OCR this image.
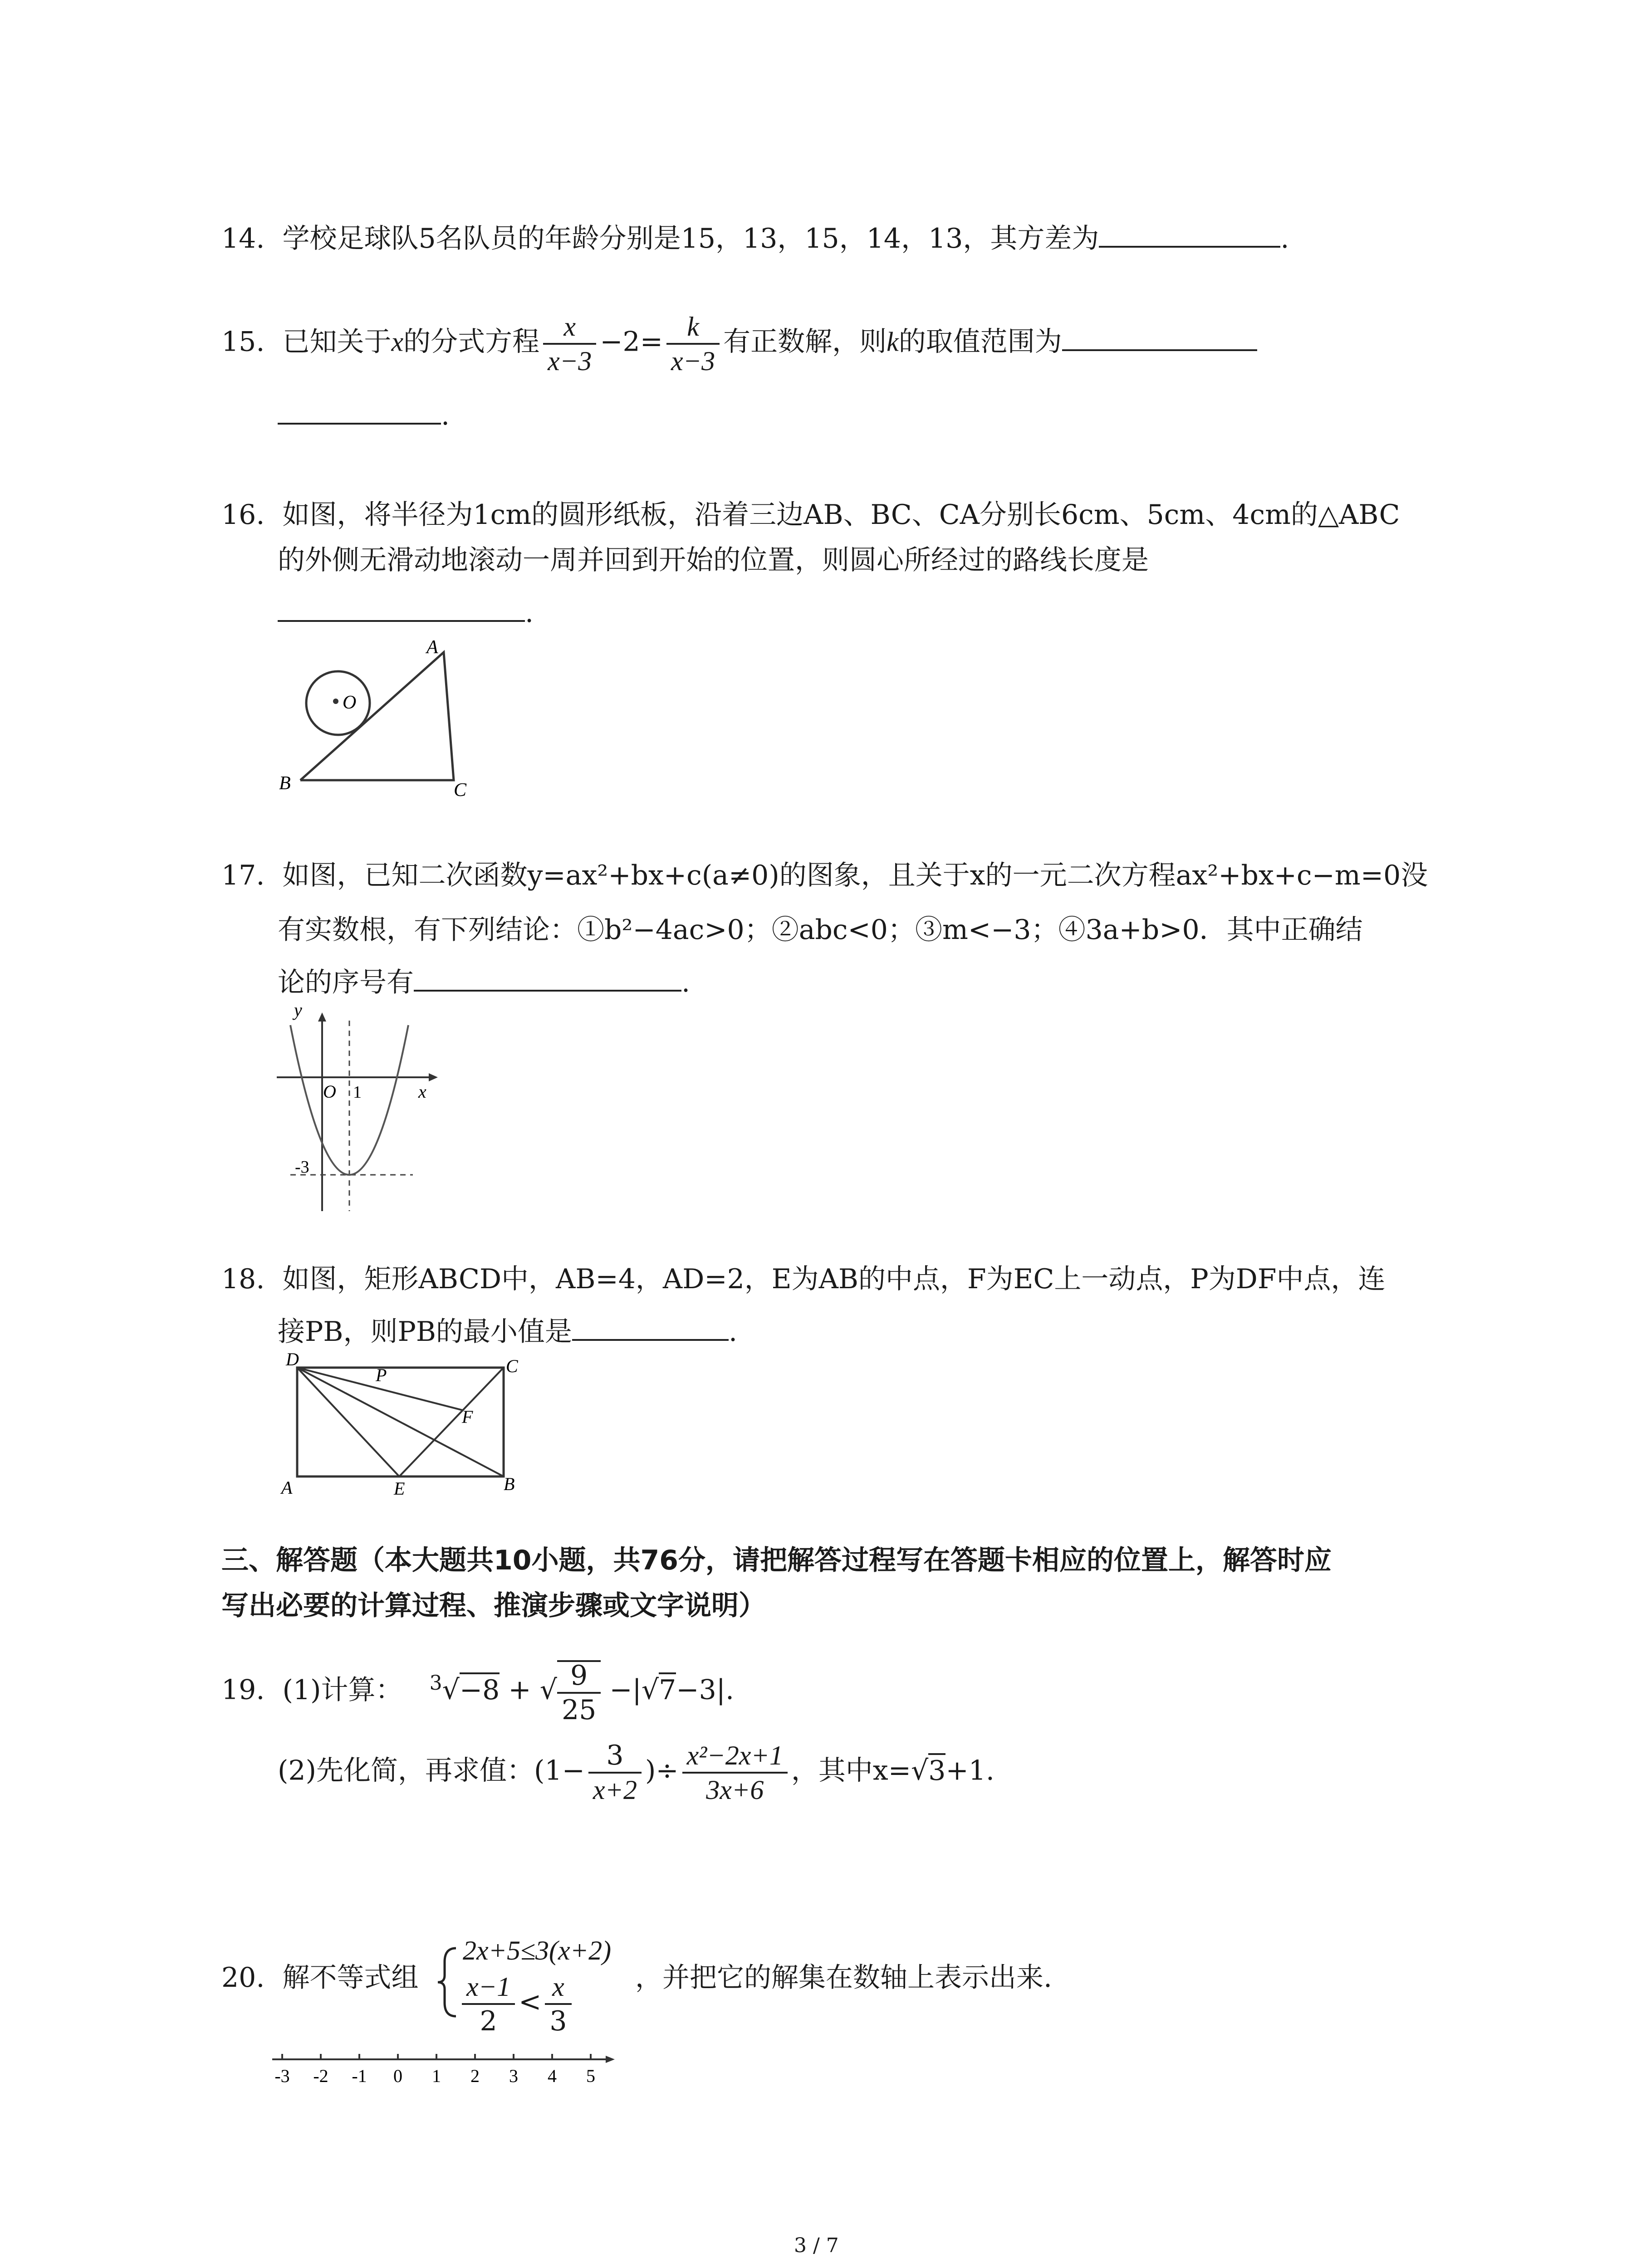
14. 学校足球队5名队员的年龄分别是15，13，15，14，13，其方差为	.
15. 已知关于x的分式方程 $\frac{x}{x-3} -2= \frac{k}{x-3}$ 有正数解，则k的取值范围为
.
16. 如图，将半径为1cm的圆形纸板，沿着三边AB、BC、CA分别长6cm、5cm、4cm的△ABC
的外侧无滑动地滚动一周并回到开始的位置，则圆心所经过的路线长度是
.
O
A
B	C
17. 如图，已知二次函数y=ax²+bx+c(a≠0)的图象，且关于x的一元二次方程ax²+bx+c−m=0没
有实数根，有下列结论：①b²−4ac>0；②abc<0；③m<−3；④3a+b>0．其中正确结
论的序号有	.
y
x
O 1
-3
18. 如图，矩形ABCD中，AB=4，AD=2，E为AB的中点，F为EC上一动点，P为DF中点，连
接PB，则PB的最小值是	.
D
P	C
F
A	E	B
三、解答题（本大题共10小题，共76分，请把解答过程写在答题卡相应的位置上，解答时应
写出必要的计算过程、推演步骤或文字说明）
19. (1)计算： $^3$√−8 + √ $\frac{9}{25} -|√7-3|$.
(2)先化简，再求值：($1- \frac{3}{x+2}$ )÷ $\frac{\text{x²−2x+1}}{3x+6}$ ，其中x=√3+1.
20. 解不等式组
2x+5≤3(x+2)
$\frac{x-1}{2} < \frac{x}{3}$ ，并把它的解集在数轴上表示出来.
-3 -2 -1 0 1 2 3 4 5
3 / 7
